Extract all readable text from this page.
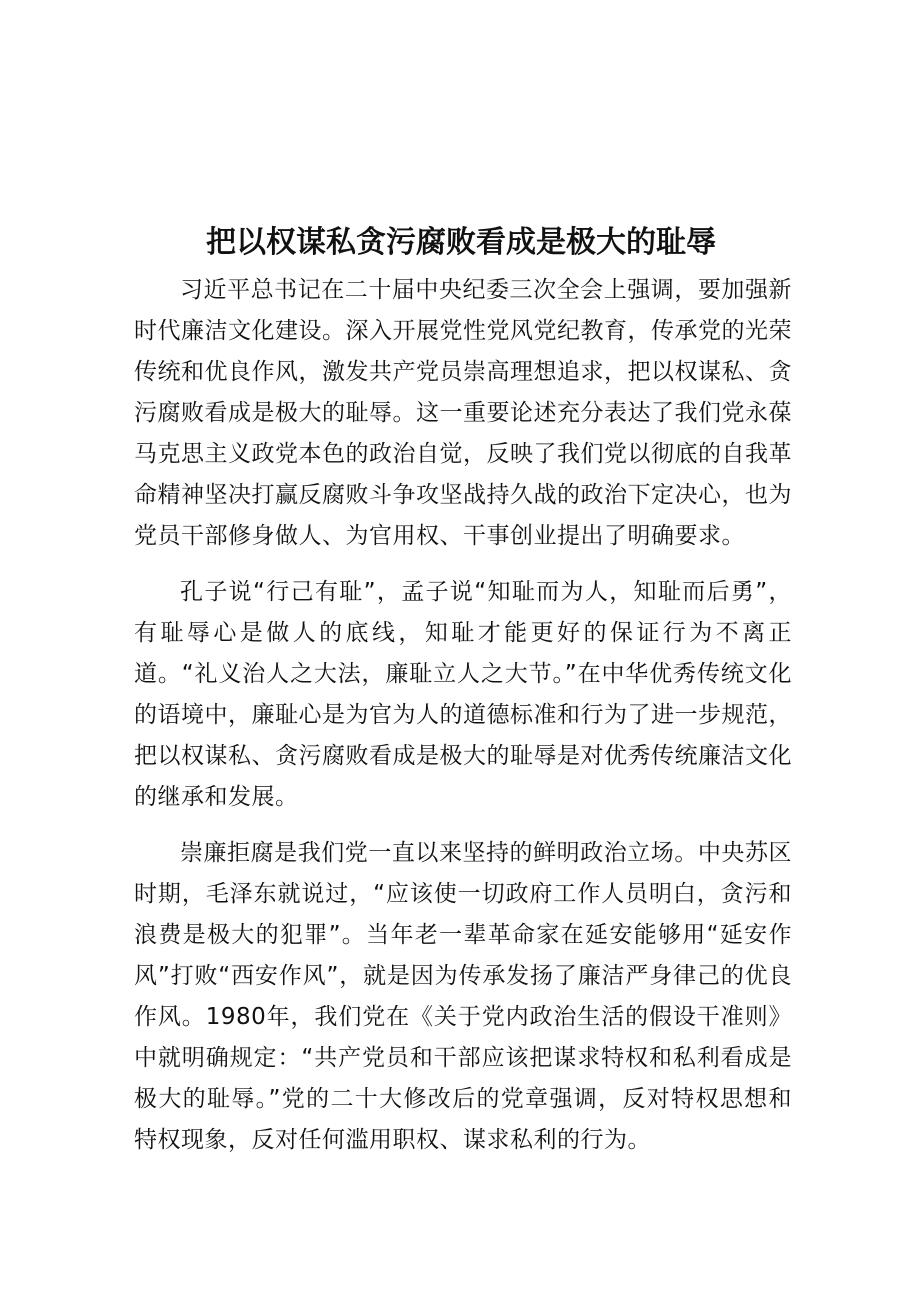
把以权谋私贪污腐败看成是极大的耻辱

习近平总书记在二十届中央纪委三次全会上强调，要加强新时代廉洁文化建设。深入开展党性党风党纪教育，传承党的光荣传统和优良作风，激发共产党员崇高理想追求，把以权谋私、贪污腐败看成是极大的耻辱。这一重要论述充分表达了我们党永葆马克思主义政党本色的政治自觉，反映了我们党以彻底的自我革命精神坚决打赢反腐败斗争攻坚战持久战的政治下定决心，也为党员干部修身做人、为官用权、干事创业提出了明确要求。

孔子说“行己有耻”，孟子说“知耻而为人，知耻而后勇”，有耻辱心是做人的底线，知耻才能更好的保证行为不离正道。“礼义治人之大法，廉耻立人之大节。”在中华优秀传统文化的语境中，廉耻心是为官为人的道德标准和行为了进一步规范，把以权谋私、贪污腐败看成是极大的耻辱是对优秀传统廉洁文化的继承和发展。

崇廉拒腐是我们党一直以来坚持的鲜明政治立场。中央苏区时期，毛泽东就说过，“应该使一切政府工作人员明白，贪污和浪费是极大的犯罪”。当年老一辈革命家在延安能够用“延安作风”打败“西安作风”，就是因为传承发扬了廉洁严身律己的优良作风。1980年，我们党在《关于党内政治生活的假设干准则》中就明确规定：“共产党员和干部应该把谋求特权和私利看成是极大的耻辱。”党的二十大修改后的党章强调，反对特权思想和特权现象，反对任何滥用职权、谋求私利的行为。
